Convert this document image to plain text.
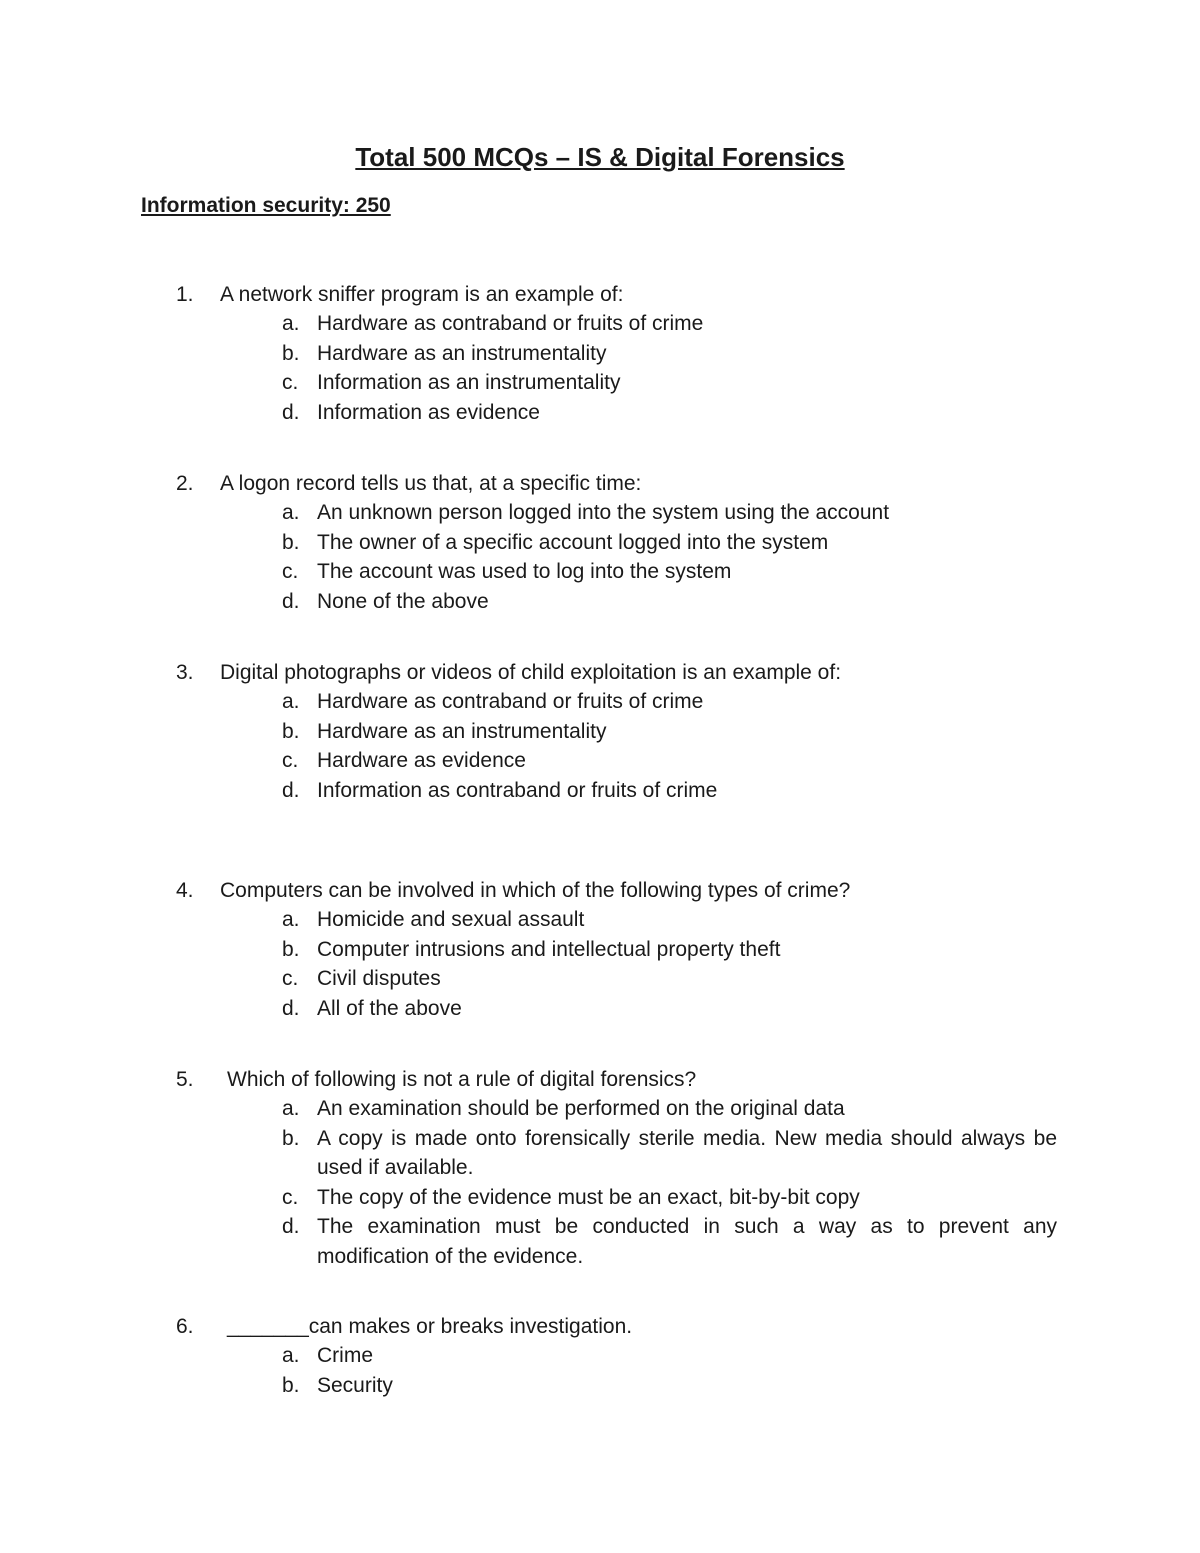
Total 500 MCQs – IS & Digital Forensics
Information security: 250
1. A network sniffer program is an example of:
a. Hardware as contraband or fruits of crime
b. Hardware as an instrumentality
c. Information as an instrumentality
d. Information as evidence
2. A logon record tells us that, at a specific time:
a. An unknown person logged into the system using the account
b. The owner of a specific account logged into the system
c. The account was used to log into the system
d. None of the above
3. Digital photographs or videos of child exploitation is an example of:
a. Hardware as contraband or fruits of crime
b. Hardware as an instrumentality
c. Hardware as evidence
d. Information as contraband or fruits of crime
4. Computers can be involved in which of the following types of crime?
a. Homicide and sexual assault
b. Computer intrusions and intellectual property theft
c. Civil disputes
d. All of the above
5. Which of following is not a rule of digital forensics?
a. An examination should be performed on the original data
b. A copy is made onto forensically sterile media. New media should always be used if available.
c. The copy of the evidence must be an exact, bit-by-bit copy
d. The examination must be conducted in such a way as to prevent any modification of the evidence.
6. _______can makes or breaks investigation.
a. Crime
b. Security
